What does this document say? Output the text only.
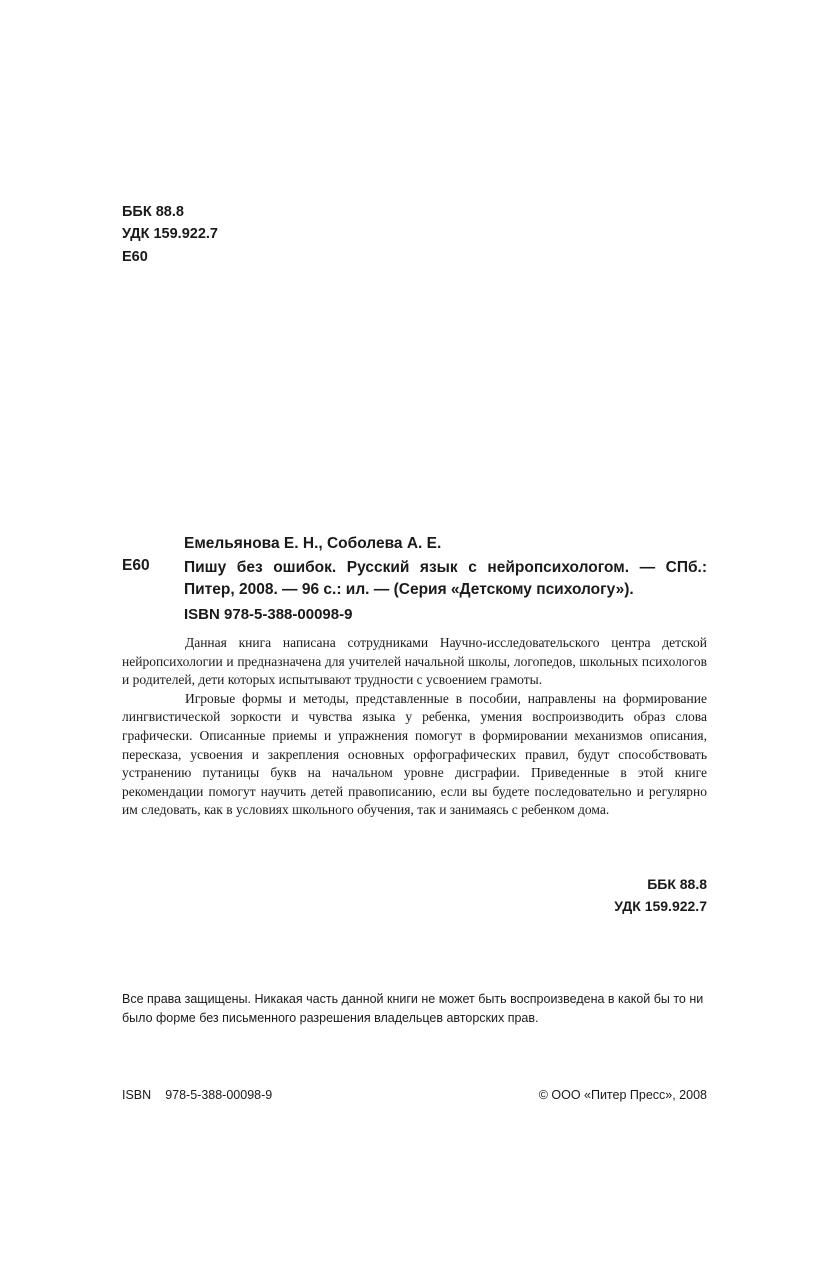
ББК 88.8
УДК 159.922.7
Е60
Емельянова Е. Н., Соболева А. Е.
Е60 Пишу без ошибок. Русский язык с нейропсихологом. — СПб.: Питер, 2008. — 96 с.: ил. — (Серия «Детскому психологу»).
ISBN 978-5-388-00098-9

Данная книга написана сотрудниками Научно-исследовательского центра детской нейропсихологии и предназначена для учителей начальной школы, логопедов, школьных психологов и родителей, дети которых испытывают трудности с усвоением грамоты.

Игровые формы и методы, представленные в пособии, направлены на формирование лингвистической зоркости и чувства языка у ребенка, умения воспроизводить образ слова графически. Описанные приемы и упражнения помогут в формировании механизмов описания, пересказа, усвоения и закрепления основных орфографических правил, будут способствовать устранению путаницы букв на начальном уровне дисграфии. Приведенные в этой книге рекомендации помогут научить детей правописанию, если вы будете последовательно и регулярно им следовать, как в условиях школьного обучения, так и занимаясь с ребенком дома.

ББК 88.8
УДК 159.922.7
Все права защищены. Никакая часть данной книги не может быть воспроизведена в какой бы то ни было форме без письменного разрешения владельцев авторских прав.
ISBN 978-5-388-00098-9	© ООО «Питер Пресс», 2008
